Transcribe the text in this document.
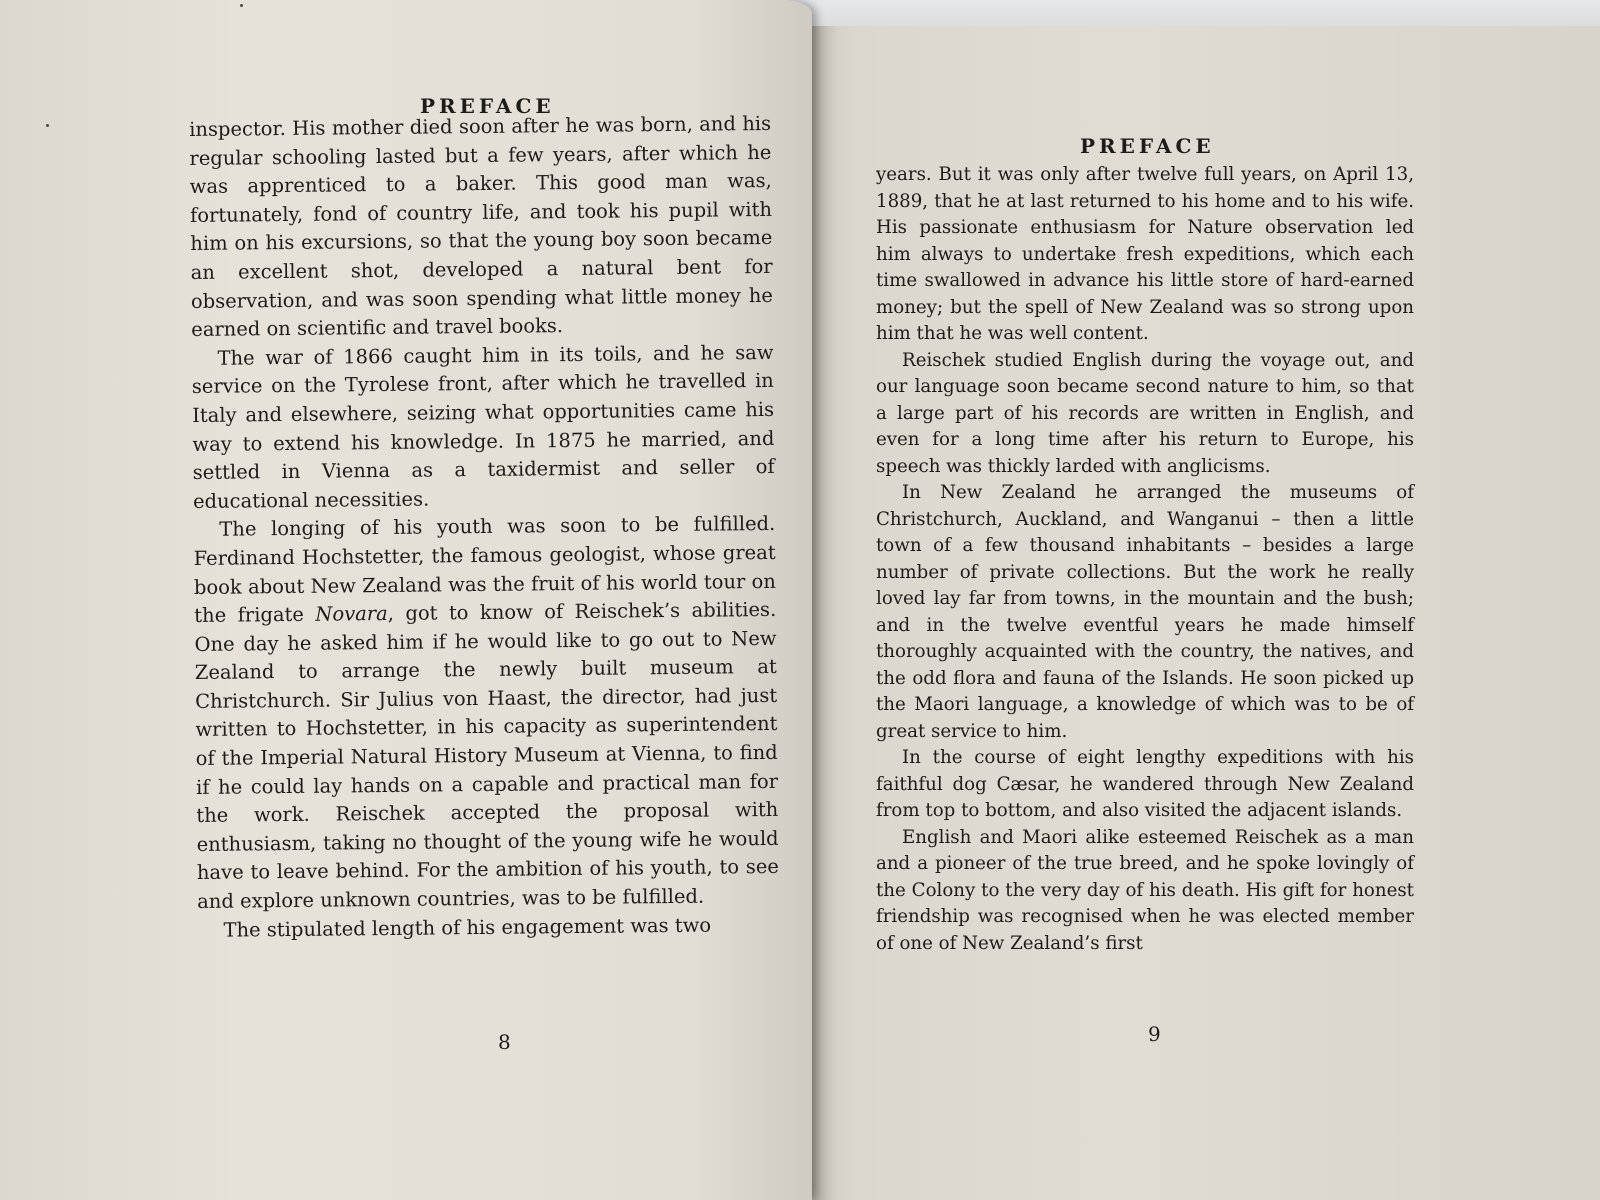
PREFACE

inspector. His mother died soon after he was born, and his regular schooling lasted but a few years, after which he was apprenticed to a baker. This good man was, fortunately, fond of country life, and took his pupil with him on his excursions, so that the young boy soon became an excellent shot, developed a natural bent for observation, and was soon spending what little money he earned on scientific and travel books.

The war of 1866 caught him in its toils, and he saw service on the Tyrolese front, after which he travelled in Italy and elsewhere, seizing what opportunities came his way to extend his knowledge. In 1875 he married, and settled in Vienna as a taxidermist and seller of educational necessities.

The longing of his youth was soon to be fulfilled. Ferdinand Hochstetter, the famous geologist, whose great book about New Zealand was the fruit of his world tour on the frigate Novara, got to know of Reischek’s abilities. One day he asked him if he would like to go out to New Zealand to arrange the newly built museum at Christchurch. Sir Julius von Haast, the director, had just written to Hochstetter, in his capacity as superintendent of the Imperial Natural History Museum at Vienna, to find if he could lay hands on a capable and practical man for the work. Reischek accepted the proposal with enthusiasm, taking no thought of the young wife he would have to leave behind. For the ambition of his youth, to see and explore unknown countries, was to be fulfilled.

The stipulated length of his engagement was two

8

PREFACE

years. But it was only after twelve full years, on April 13, 1889, that he at last returned to his home and to his wife. His passionate enthusiasm for Nature observation led him always to undertake fresh expeditions, which each time swallowed in advance his little store of hard-earned money; but the spell of New Zealand was so strong upon him that he was well content.

Reischek studied English during the voyage out, and our language soon became second nature to him, so that a large part of his records are written in English, and even for a long time after his return to Europe, his speech was thickly larded with anglicisms.

In New Zealand he arranged the museums of Christchurch, Auckland, and Wanganui – then a little town of a few thousand inhabitants – besides a large number of private collections. But the work he really loved lay far from towns, in the mountain and the bush; and in the twelve eventful years he made himself thoroughly acquainted with the country, the natives, and the odd flora and fauna of the Islands. He soon picked up the Maori language, a knowledge of which was to be of great service to him.

In the course of eight lengthy expeditions with his faithful dog Cæsar, he wandered through New Zealand from top to bottom, and also visited the adjacent islands.

English and Maori alike esteemed Reischek as a man and a pioneer of the true breed, and he spoke lovingly of the Colony to the very day of his death. His gift for honest friendship was recognised when he was elected member of one of New Zealand’s first

9
